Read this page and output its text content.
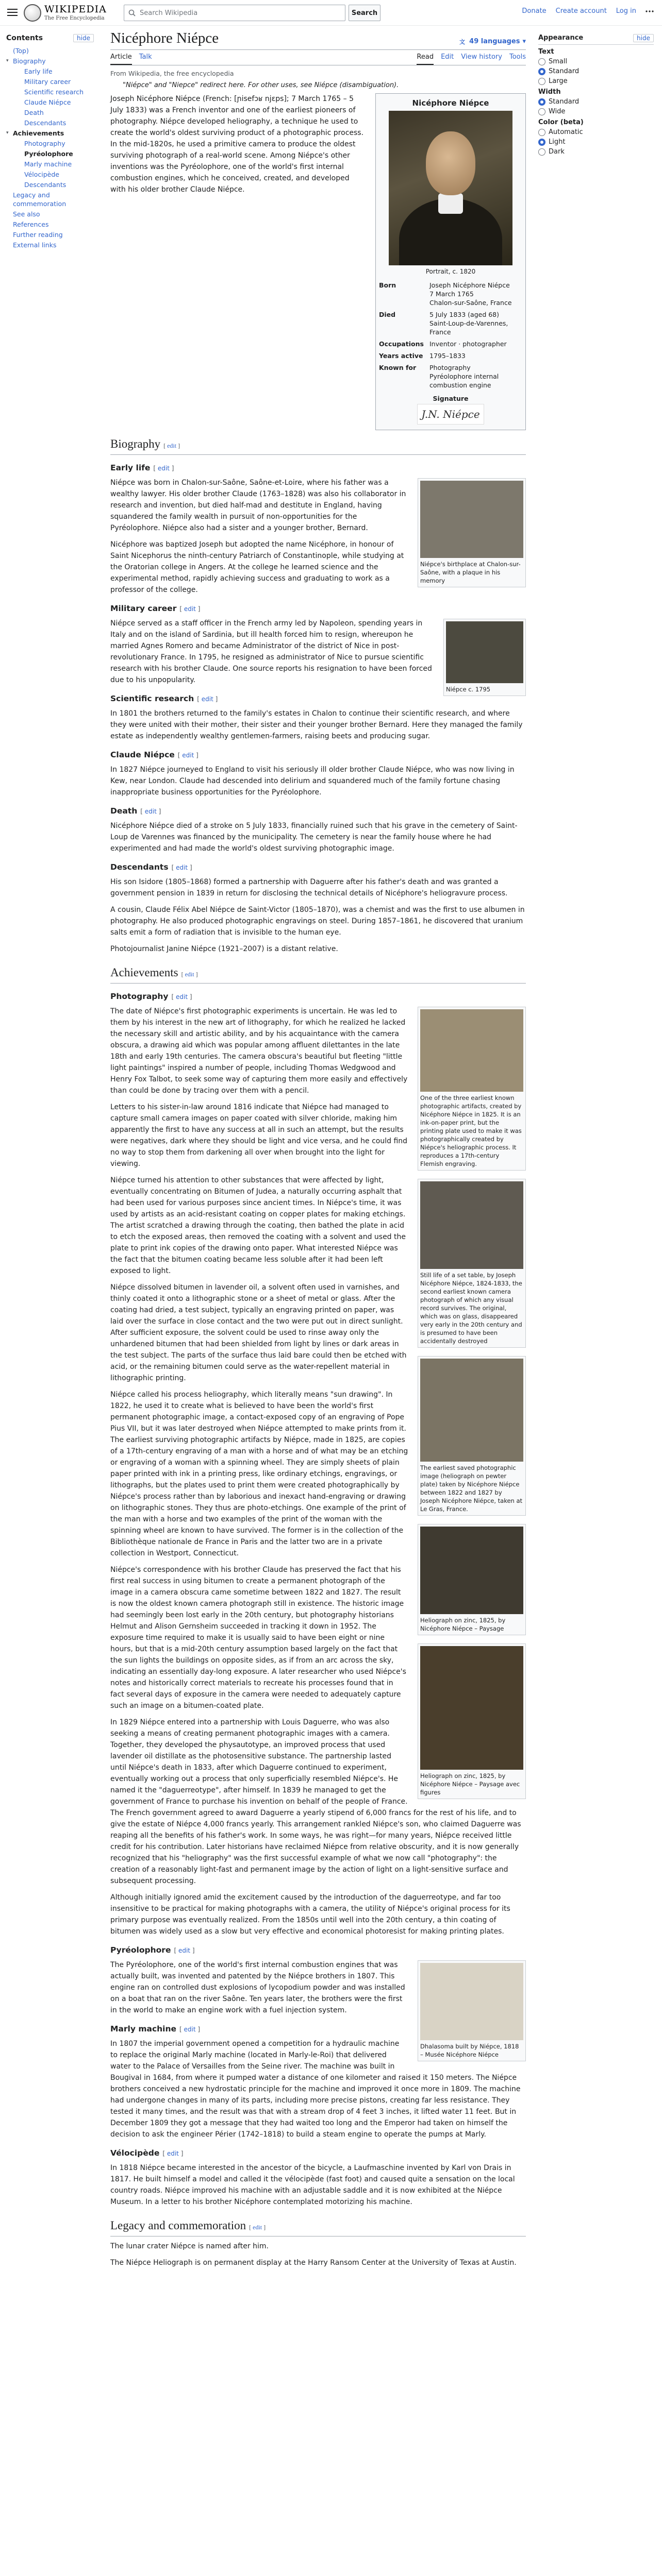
WIKIPEDIA
The Free Encyclopedia
Search Wikipedia	Search	Donate Create account Log in
Contents	hide
(Top)
▾ Biography
Early life
Military career
Scientific research
Claude Niépce
Death
Descendants
▾ Achievements
Photography
Pyréolophore
Marly machine
Vélocipède
Descendants
Legacy and commemoration
See also
References
Further reading
External links
Nicéphore Niépce	文 49 languages ▾
Article Talk	Read Edit View history Tools
From Wikipedia, the free encyclopedia
"Niépce" and "Niepce" redirect here. For other uses, see Niépce (disambiguation).
Nicéphore Niépce
Portrait, c. 1820
Born	Joseph Nicéphore Niépce
7 March 1765
Chalon-sur-Saône, France
Died	5 July 1833 (aged 68)
Saint-Loup-de-Varennes, France
Occupations Inventor · photographer
Years active 1795–1833
Known for	Photography
Pyréolophore internal combustion engine
Signature
J.N. Niépce

Joseph Nicéphore Niépce (French: [ɲisefɔʁ njɛps]; 7 March 1765 – 5 July 1833) was a French inventor and one of the earliest pioneers of photography. Niépce developed heliography, a technique he used to create the world's oldest surviving product of a photographic process. In the mid-1820s, he used a primitive camera to produce the oldest surviving photograph of a real-world scene. Among Niépce's other inventions was the Pyréolophore, one of the world's first internal combustion engines, which he conceived, created, and developed with his older brother Claude Niépce.

Biography [ edit ]
Early life [ edit ]
Niépce's birthplace at Chalon-sur-Saône, with a plaque in his memory

Niépce was born in Chalon-sur-Saône, Saône-et-Loire, where his father was a wealthy lawyer. His older brother Claude (1763–1828) was also his collaborator in research and invention, but died half-mad and destitute in England, having squandered the family wealth in pursuit of non-opportunities for the Pyréolophore. Niépce also had a sister and a younger brother, Bernard.

Nicéphore was baptized Joseph but adopted the name Nicéphore, in honour of Saint Nicephorus the ninth-century Patriarch of Constantinople, while studying at the Oratorian college in Angers. At the college he learned science and the experimental method, rapidly achieving success and graduating to work as a professor of the college.

Military career [ edit ]
Niépce c. 1795

Niépce served as a staff officer in the French army led by Napoleon, spending years in Italy and on the island of Sardinia, but ill health forced him to resign, whereupon he married Agnes Romero and became Administrator of the district of Nice in post-revolutionary France. In 1795, he resigned as administrator of Nice to pursue scientific research with his brother Claude. One source reports his resignation to have been forced due to his unpopularity.

Scientific research [ edit ]

In 1801 the brothers returned to the family's estates in Chalon to continue their scientific research, and where they were united with their mother, their sister and their younger brother Bernard. Here they managed the family estate as independently wealthy gentlemen-farmers, raising beets and producing sugar.

Claude Niépce [ edit ]

In 1827 Niépce journeyed to England to visit his seriously ill older brother Claude Niépce, who was now living in Kew, near London. Claude had descended into delirium and squandered much of the family fortune chasing inappropriate business opportunities for the Pyréolophore.

Death [ edit ]

Nicéphore Niépce died of a stroke on 5 July 1833, financially ruined such that his grave in the cemetery of Saint-Loup de Varennes was financed by the municipality. The cemetery is near the family house where he had experimented and had made the world's oldest surviving photographic image.

Descendants [ edit ]

His son Isidore (1805–1868) formed a partnership with Daguerre after his father's death and was granted a government pension in 1839 in return for disclosing the technical details of Nicéphore's heliogravure process.

A cousin, Claude Félix Abel Niépce de Saint-Victor (1805–1870), was a chemist and was the first to use albumen in photography. He also produced photographic engravings on steel. During 1857–1861, he discovered that uranium salts emit a form of radiation that is invisible to the human eye.

Photojournalist Janine Niépce (1921–2007) is a distant relative.

Achievements [ edit ]
Photography [ edit ]
One of the three earliest known photographic artifacts, created by Nicéphore Niépce in 1825. It is an ink-on-paper print, but the printing plate used to make it was photographically created by Niépce's heliographic process. It reproduces a 17th-century Flemish engraving.
Still life of a set table, by Joseph Nicéphore Niépce, 1824-1833, the second earliest known camera photograph of which any visual record survives. The original, which was on glass, disappeared very early in the 20th century and is presumed to have been accidentally destroyed
The earliest saved photographic image (heliograph on pewter plate) taken by Nicéphore Niépce between 1822 and 1827 by Joseph Nicéphore Niépce, taken at Le Gras, France.
Heliograph on zinc, 1825, by Nicéphore Niépce – Paysage
Heliograph on zinc, 1825, by Nicéphore Niépce – Paysage avec figures

The date of Niépce's first photographic experiments is uncertain. He was led to them by his interest in the new art of lithography, for which he realized he lacked the necessary skill and artistic ability, and by his acquaintance with the camera obscura, a drawing aid which was popular among affluent dilettantes in the late 18th and early 19th centuries. The camera obscura's beautiful but fleeting "little light paintings" inspired a number of people, including Thomas Wedgwood and Henry Fox Talbot, to seek some way of capturing them more easily and effectively than could be done by tracing over them with a pencil.

Letters to his sister-in-law around 1816 indicate that Niépce had managed to capture small camera images on paper coated with silver chloride, making him apparently the first to have any success at all in such an attempt, but the results were negatives, dark where they should be light and vice versa, and he could find no way to stop them from darkening all over when brought into the light for viewing.

Niépce turned his attention to other substances that were affected by light, eventually concentrating on Bitumen of Judea, a naturally occurring asphalt that had been used for various purposes since ancient times. In Niépce's time, it was used by artists as an acid-resistant coating on copper plates for making etchings. The artist scratched a drawing through the coating, then bathed the plate in acid to etch the exposed areas, then removed the coating with a solvent and used the plate to print ink copies of the drawing onto paper. What interested Niépce was the fact that the bitumen coating became less soluble after it had been left exposed to light.

Niépce dissolved bitumen in lavender oil, a solvent often used in varnishes, and thinly coated it onto a lithographic stone or a sheet of metal or glass. After the coating had dried, a test subject, typically an engraving printed on paper, was laid over the surface in close contact and the two were put out in direct sunlight. After sufficient exposure, the solvent could be used to rinse away only the unhardened bitumen that had been shielded from light by lines or dark areas in the test subject. The parts of the surface thus laid bare could then be etched with acid, or the remaining bitumen could serve as the water-repellent material in lithographic printing.

Niépce called his process heliography, which literally means "sun drawing". In 1822, he used it to create what is believed to have been the world's first permanent photographic image, a contact-exposed copy of an engraving of Pope Pius VII, but it was later destroyed when Niépce attempted to make prints from it. The earliest surviving photographic artifacts by Niépce, made in 1825, are copies of a 17th-century engraving of a man with a horse and of what may be an etching or engraving of a woman with a spinning wheel. They are simply sheets of plain paper printed with ink in a printing press, like ordinary etchings, engravings, or lithographs, but the plates used to print them were created photographically by Niépce's process rather than by laborious and inexact hand-engraving or drawing on lithographic stones. They thus are photo-etchings. One example of the print of the man with a horse and two examples of the print of the woman with the spinning wheel are known to have survived. The former is in the collection of the Bibliothèque nationale de France in Paris and the latter two are in a private collection in Westport, Connecticut.

Niépce's correspondence with his brother Claude has preserved the fact that his first real success in using bitumen to create a permanent photograph of the image in a camera obscura came sometime between 1822 and 1827. The result is now the oldest known camera photograph still in existence. The historic image had seemingly been lost early in the 20th century, but photography historians Helmut and Alison Gernsheim succeeded in tracking it down in 1952. The exposure time required to make it is usually said to have been eight or nine hours, but that is a mid-20th century assumption based largely on the fact that the sun lights the buildings on opposite sides, as if from an arc across the sky, indicating an essentially day-long exposure. A later researcher who used Niépce's notes and historically correct materials to recreate his processes found that in fact several days of exposure in the camera were needed to adequately capture such an image on a bitumen-coated plate.

In 1829 Niépce entered into a partnership with Louis Daguerre, who was also seeking a means of creating permanent photographic images with a camera. Together, they developed the physautotype, an improved process that used lavender oil distillate as the photosensitive substance. The partnership lasted until Niépce's death in 1833, after which Daguerre continued to experiment, eventually working out a process that only superficially resembled Niépce's. He named it the "daguerreotype", after himself. In 1839 he managed to get the government of France to purchase his invention on behalf of the people of France. The French government agreed to award Daguerre a yearly stipend of 6,000 francs for the rest of his life, and to give the estate of Niépce 4,000 francs yearly. This arrangement rankled Niépce's son, who claimed Daguerre was reaping all the benefits of his father's work. In some ways, he was right—for many years, Niépce received little credit for his contribution. Later historians have reclaimed Niépce from relative obscurity, and it is now generally recognized that his "heliography" was the first successful example of what we now call "photography": the creation of a reasonably light-fast and permanent image by the action of light on a light-sensitive surface and subsequent processing.

Although initially ignored amid the excitement caused by the introduction of the daguerreotype, and far too insensitive to be practical for making photographs with a camera, the utility of Niépce's original process for its primary purpose was eventually realized. From the 1850s until well into the 20th century, a thin coating of bitumen was widely used as a slow but very effective and economical photoresist for making printing plates.

Pyréolophore [ edit ]
Dhalasoma built by Niépce, 1818 – Musée Nicéphore Niépce

The Pyréolophore, one of the world's first internal combustion engines that was actually built, was invented and patented by the Niépce brothers in 1807. This engine ran on controlled dust explosions of lycopodium powder and was installed on a boat that ran on the river Saône. Ten years later, the brothers were the first in the world to make an engine work with a fuel injection system.

Marly machine [ edit ]

In 1807 the imperial government opened a competition for a hydraulic machine to replace the original Marly machine (located in Marly-le-Roi) that delivered water to the Palace of Versailles from the Seine river. The machine was built in Bougival in 1684, from where it pumped water a distance of one kilometer and raised it 150 meters. The Niépce brothers conceived a new hydrostatic principle for the machine and improved it once more in 1809. The machine had undergone changes in many of its parts, including more precise pistons, creating far less resistance. They tested it many times, and the result was that with a stream drop of 4 feet 3 inches, it lifted water 11 feet. But in December 1809 they got a message that they had waited too long and the Emperor had taken on himself the decision to ask the engineer Périer (1742–1818) to build a steam engine to operate the pumps at Marly.

Vélocipède [ edit ]

In 1818 Niépce became interested in the ancestor of the bicycle, a Laufmaschine invented by Karl von Drais in 1817. He built himself a model and called it the vélocipède (fast foot) and caused quite a sensation on the local country roads. Niépce improved his machine with an adjustable saddle and it is now exhibited at the Niépce Museum. In a letter to his brother Nicéphore contemplated motorizing his machine.

Legacy and commemoration [ edit ]

The lunar crater Niépce is named after him.

The Niépce Heliograph is on permanent display at the Harry Ransom Center at the University of Texas at Austin.

Appearance	hide
Text
Small
Standard
Large
Width
Standard
Wide
Color (beta)
Automatic
Light
Dark
